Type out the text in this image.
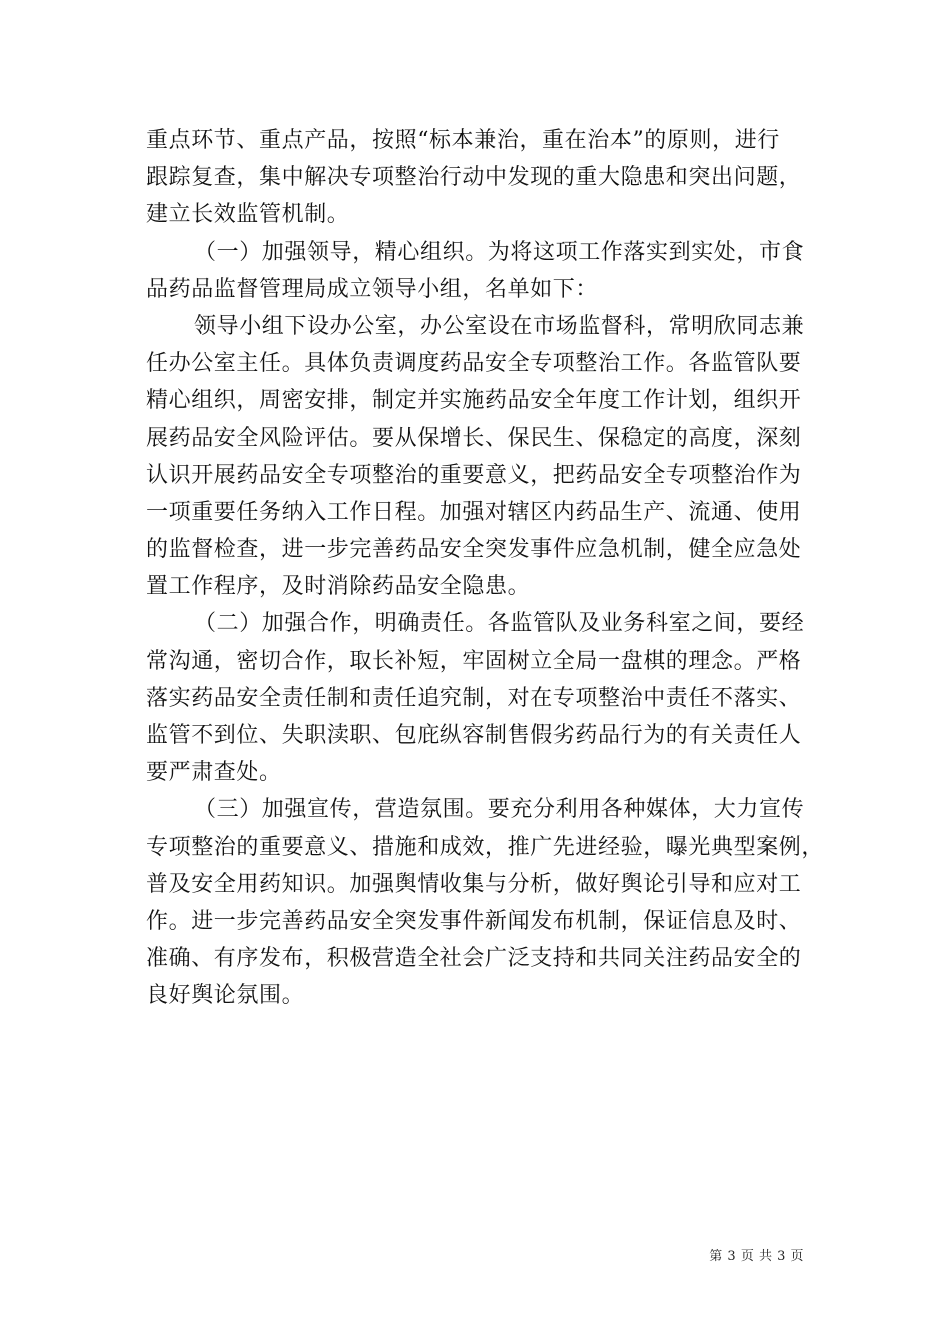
重点环节、重点产品，按照“标本兼治，重在治本”的原则，进行
跟踪复查，集中解决专项整治行动中发现的重大隐患和突出问题，
建立长效监管机制。
（一）加强领导，精心组织。为将这项工作落实到实处，市食
品药品监督管理局成立领导小组，名单如下：
领导小组下设办公室，办公室设在市场监督科，常明欣同志兼
任办公室主任。具体负责调度药品安全专项整治工作。各监管队要
精心组织，周密安排，制定并实施药品安全年度工作计划，组织开
展药品安全风险评估。要从保增长、保民生、保稳定的高度，深刻
认识开展药品安全专项整治的重要意义，把药品安全专项整治作为
一项重要任务纳入工作日程。加强对辖区内药品生产、流通、使用
的监督检查，进一步完善药品安全突发事件应急机制，健全应急处
置工作程序，及时消除药品安全隐患。
（二）加强合作，明确责任。各监管队及业务科室之间，要经
常沟通，密切合作，取长补短，牢固树立全局一盘棋的理念。严格
落实药品安全责任制和责任追究制，对在专项整治中责任不落实、
监管不到位、失职渎职、包庇纵容制售假劣药品行为的有关责任人
要严肃查处。
（三）加强宣传，营造氛围。要充分利用各种媒体，大力宣传
专项整治的重要意义、措施和成效，推广先进经验，曝光典型案例，
普及安全用药知识。加强舆情收集与分析，做好舆论引导和应对工
作。进一步完善药品安全突发事件新闻发布机制，保证信息及时、
准确、有序发布，积极营造全社会广泛支持和共同关注药品安全的
良好舆论氛围。
第 3 页 共 3 页
